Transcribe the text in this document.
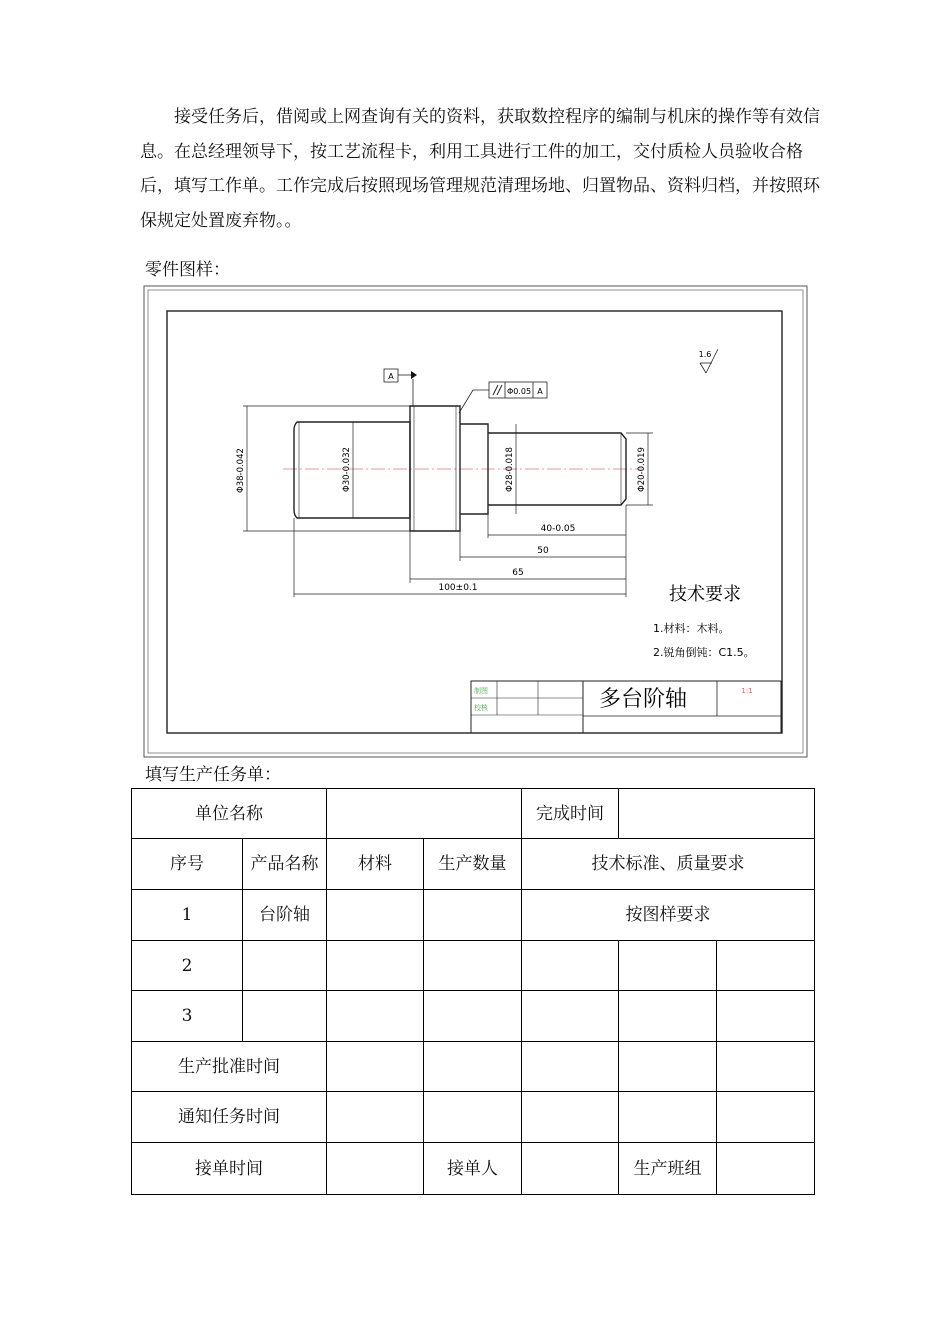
接受任务后，借阅或上网查询有关的资料，获取数控程序的编制与机床的操作等有效信息。在总经理领导下，按工艺流程卡，利用工具进行工件的加工，交付质检人员验收合格后，填写工作单。工作完成后按照现场管理规范清理场地、归置物品、资料归档，并按照环保规定处置废弃物。。

零件图样：
A
Φ0.05 A
1.6
Φ38-0.042	Φ30-0.032	Φ28-0.018	Φ20-0.019
40-0.05
50
65
100±0.1	技术要求
1.材料：木料。
2.锐角倒钝：C1.5。
制图
校核	多台阶轴	1:1
填写生产任务单：
单位名称				完成时间		
序号	产品名称	材料	生产数量	技术标准、质量要求		
1	台阶轴			按图样要求		
2						
3						
生产批准时间						
通知任务时间						
接单时间			接单人		生产班组	
